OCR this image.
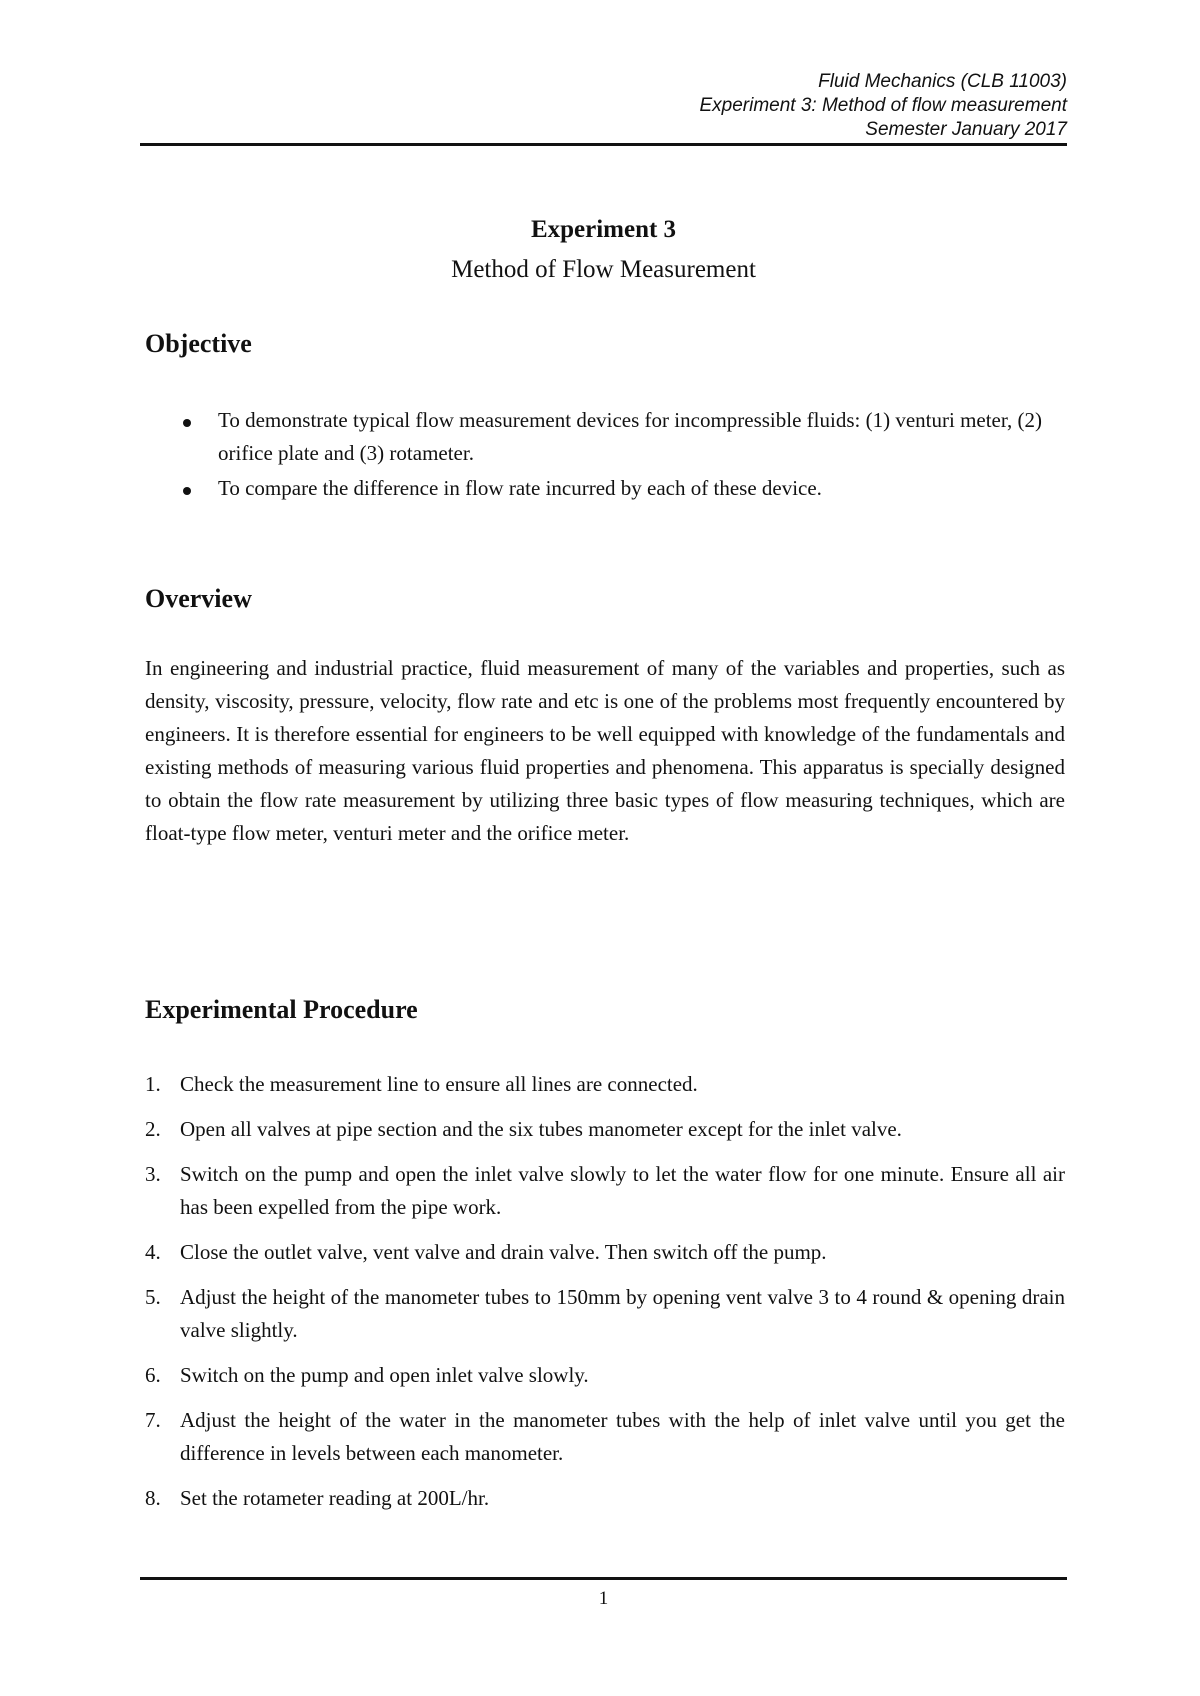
Fluid Mechanics (CLB 11003)
Experiment 3: Method of flow measurement
Semester January 2017
Experiment 3
Method of Flow Measurement
Objective
To demonstrate typical flow measurement devices for incompressible fluids: (1) venturi meter, (2) orifice plate and (3) rotameter.
To compare the difference in flow rate incurred by each of these device.
Overview

In engineering and industrial practice, fluid measurement of many of the variables and properties, such as density, viscosity, pressure, velocity, flow rate and etc is one of the problems most frequently encountered by engineers. It is therefore essential for engineers to be well equipped with knowledge of the fundamentals and existing methods of measuring various fluid properties and phenomena. This apparatus is specially designed to obtain the flow rate measurement by utilizing three basic types of flow measuring techniques, which are float-type flow meter, venturi meter and the orifice meter.

Experimental Procedure
1. Check the measurement line to ensure all lines are connected.
2. Open all valves at pipe section and the six tubes manometer except for the inlet valve.
3. Switch on the pump and open the inlet valve slowly to let the water flow for one minute. Ensure all air has been expelled from the pipe work.
4. Close the outlet valve, vent valve and drain valve. Then switch off the pump.
5. Adjust the height of the manometer tubes to 150mm by opening vent valve 3 to 4 round & opening drain valve slightly.
6. Switch on the pump and open inlet valve slowly.
7. Adjust the height of the water in the manometer tubes with the help of inlet valve until you get the difference in levels between each manometer.
8. Set the rotameter reading at 200L/hr.
1
